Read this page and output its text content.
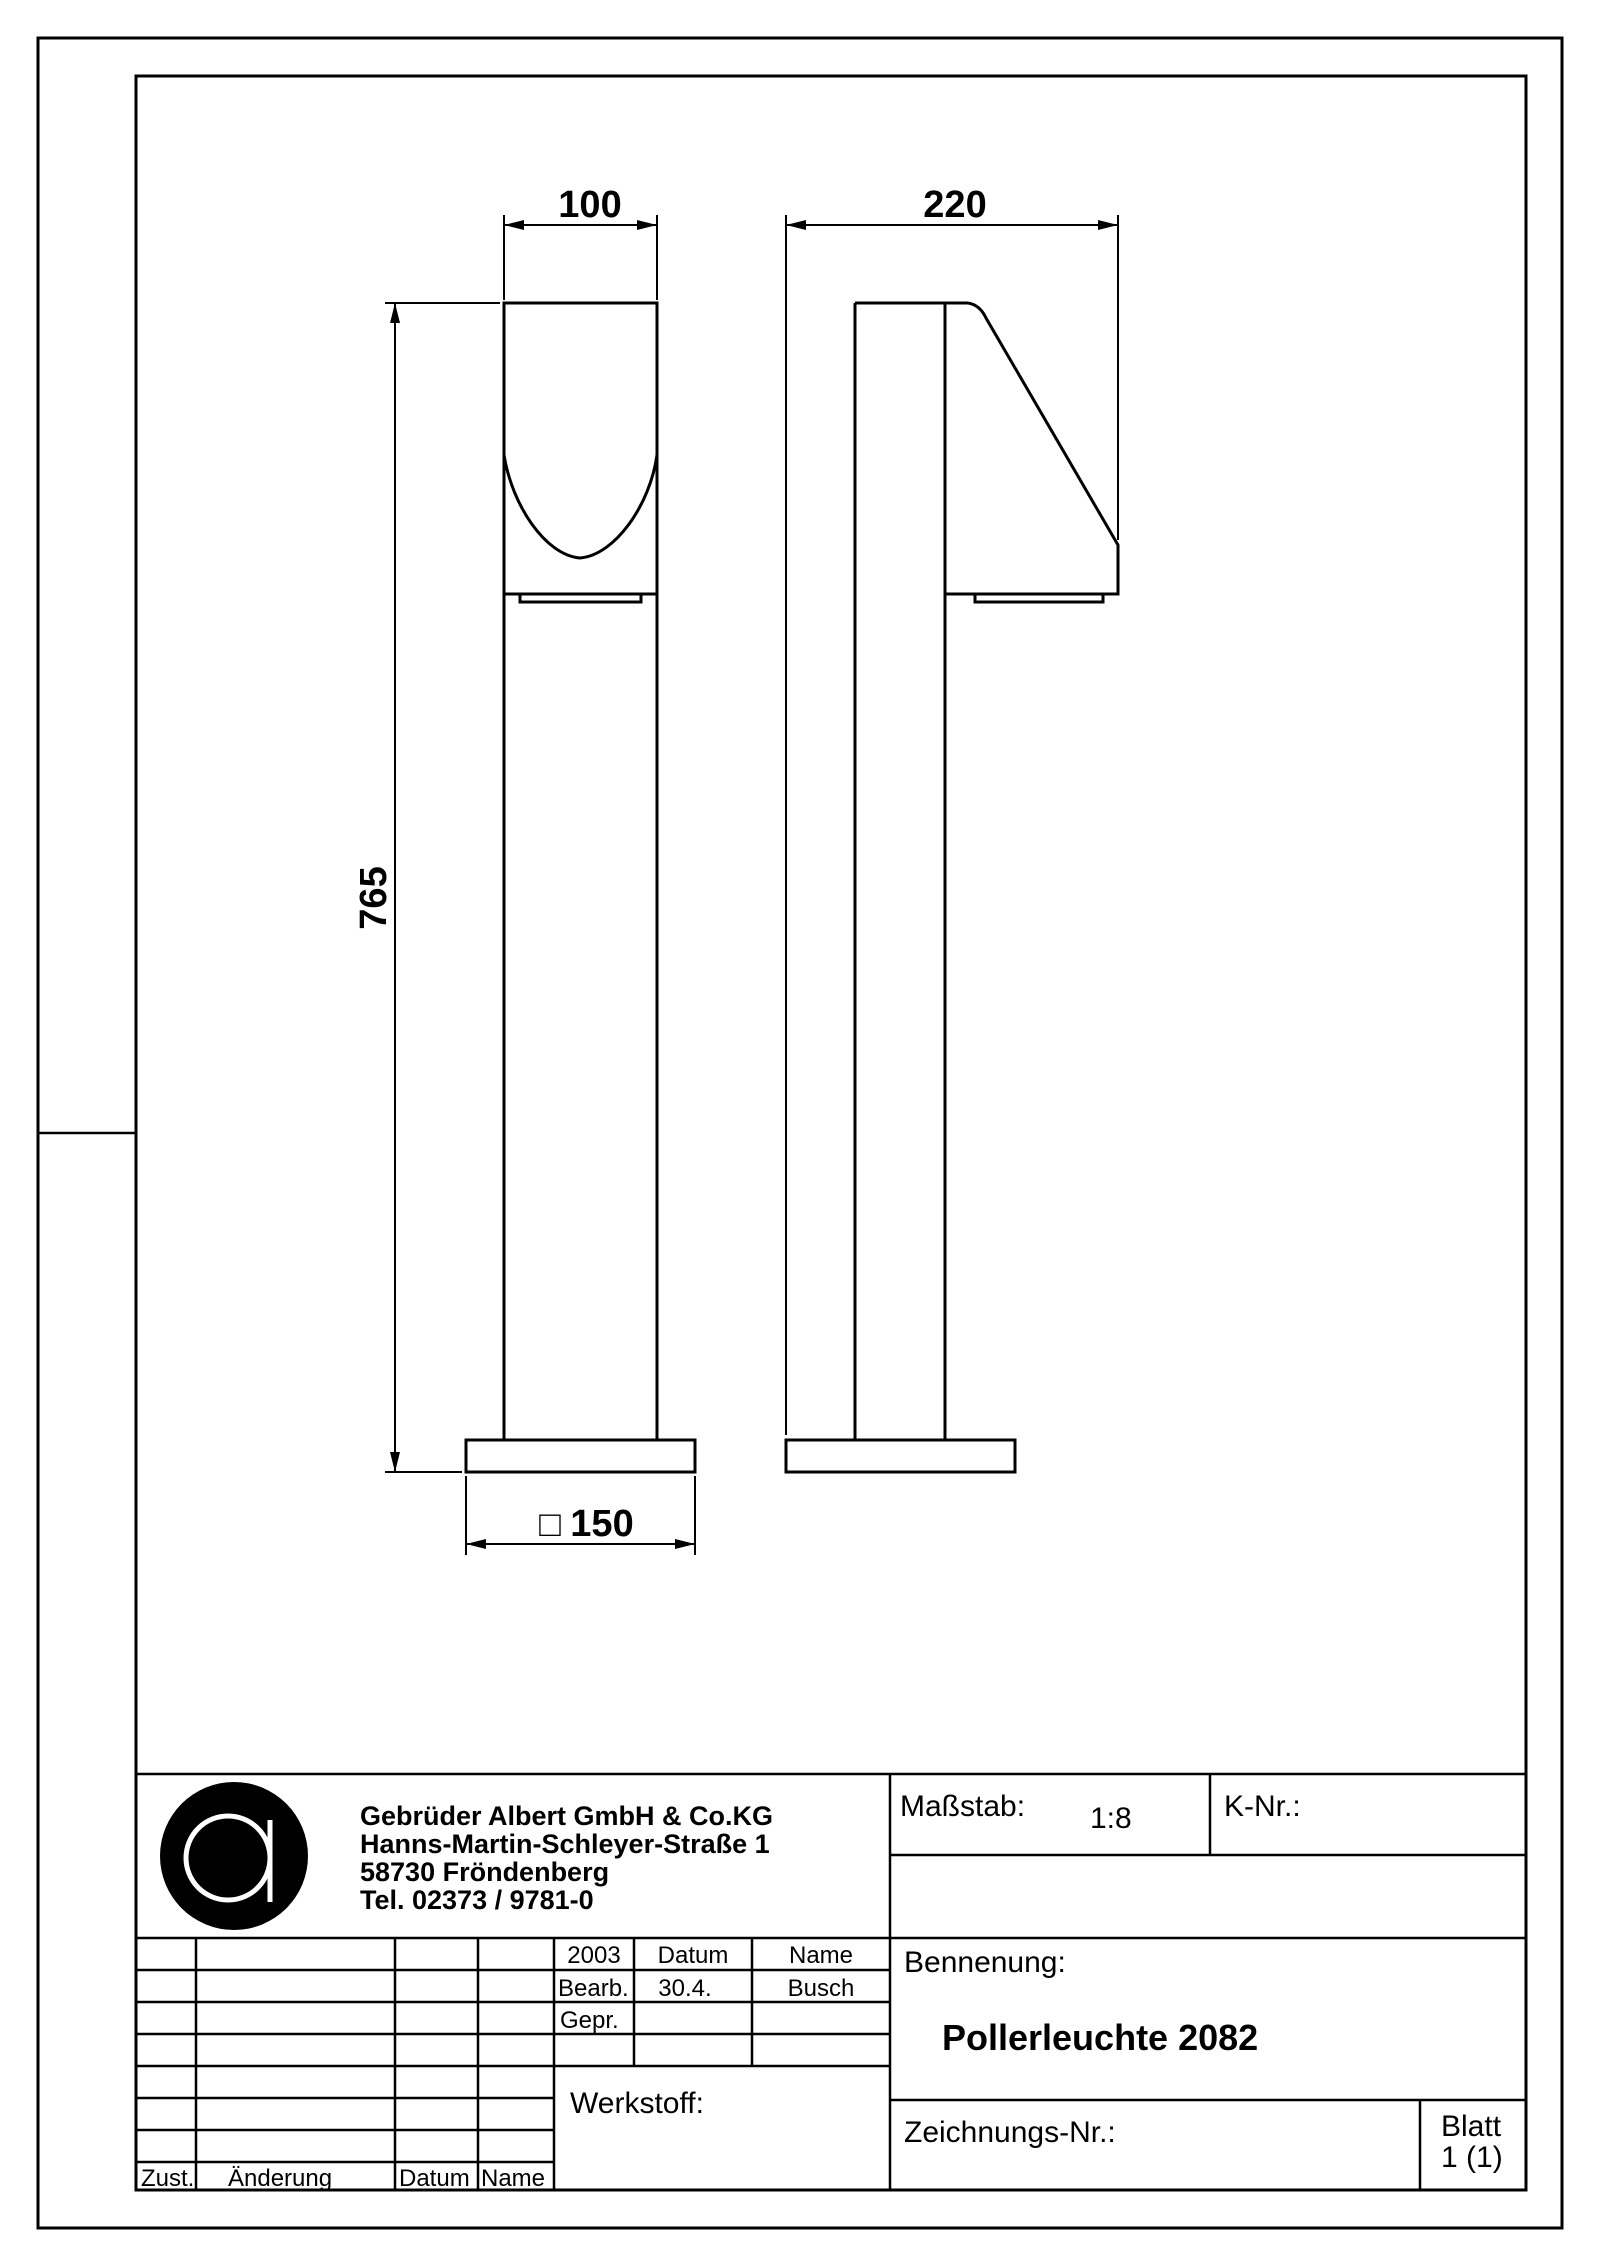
100	220
765
□ 150
Gebrüder Albert GmbH & Co.KG
Hanns-Martin-Schleyer-Straße 1
58730 Fröndenberg
Tel. 02373 / 9781-0
Maßstab: 1:8	K-Nr.:
Bennenung:
Pollerleuchte 2082
Zeichnungs-Nr.:	Blatt
1 (1)
2003 Datum	Name
Bearb. 30.4.	Busch
Gepr.
Werkstoff:
Zust. Änderung	Datum Name
